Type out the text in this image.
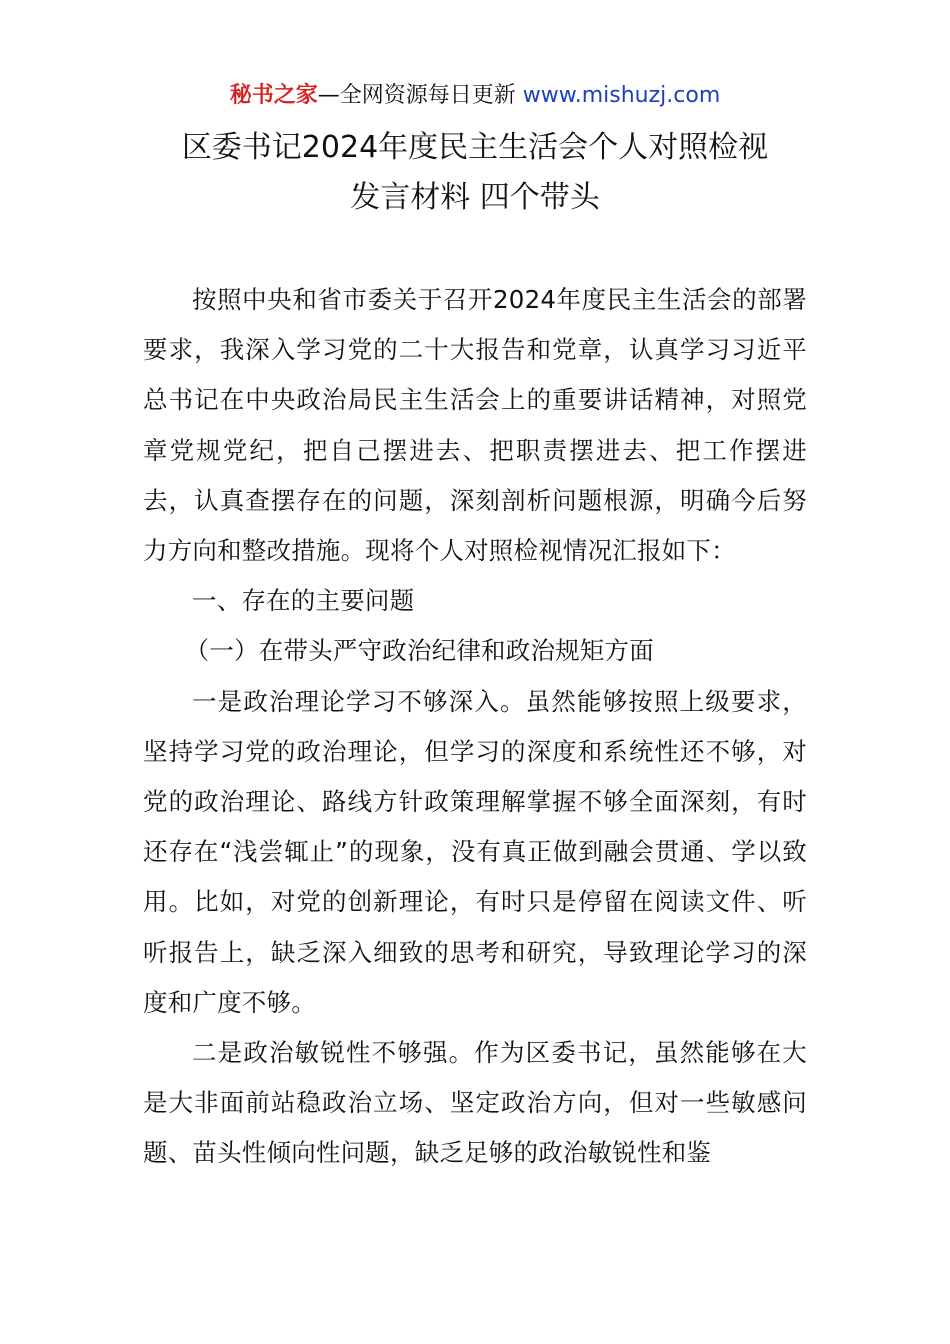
秘书之家—全网资源每日更新 www.mishuzj.com
区委书记2024年度民主生活会个人对照检视
发言材料 四个带头

按照中央和省市委关于召开2024年度民主生活会的部署要求，我深入学习党的二十大报告和党章，认真学习习近平总书记在中央政治局民主生活会上的重要讲话精神，对照党章党规党纪，把自己摆进去、把职责摆进去、把工作摆进去，认真查摆存在的问题，深刻剖析问题根源，明确今后努力方向和整改措施。现将个人对照检视情况汇报如下：

一、存在的主要问题

（一）在带头严守政治纪律和政治规矩方面

一是政治理论学习不够深入。虽然能够按照上级要求，坚持学习党的政治理论，但学习的深度和系统性还不够，对党的政治理论、路线方针政策理解掌握不够全面深刻，有时还存在“浅尝辄止”的现象，没有真正做到融会贯通、学以致用。比如，对党的创新理论，有时只是停留在阅读文件、听听报告上，缺乏深入细致的思考和研究，导致理论学习的深度和广度不够。

二是政治敏锐性不够强。作为区委书记，虽然能够在大是大非面前站稳政治立场、坚定政治方向，但对一些敏感问题、苗头性倾向性问题，缺乏足够的政治敏锐性和鉴
